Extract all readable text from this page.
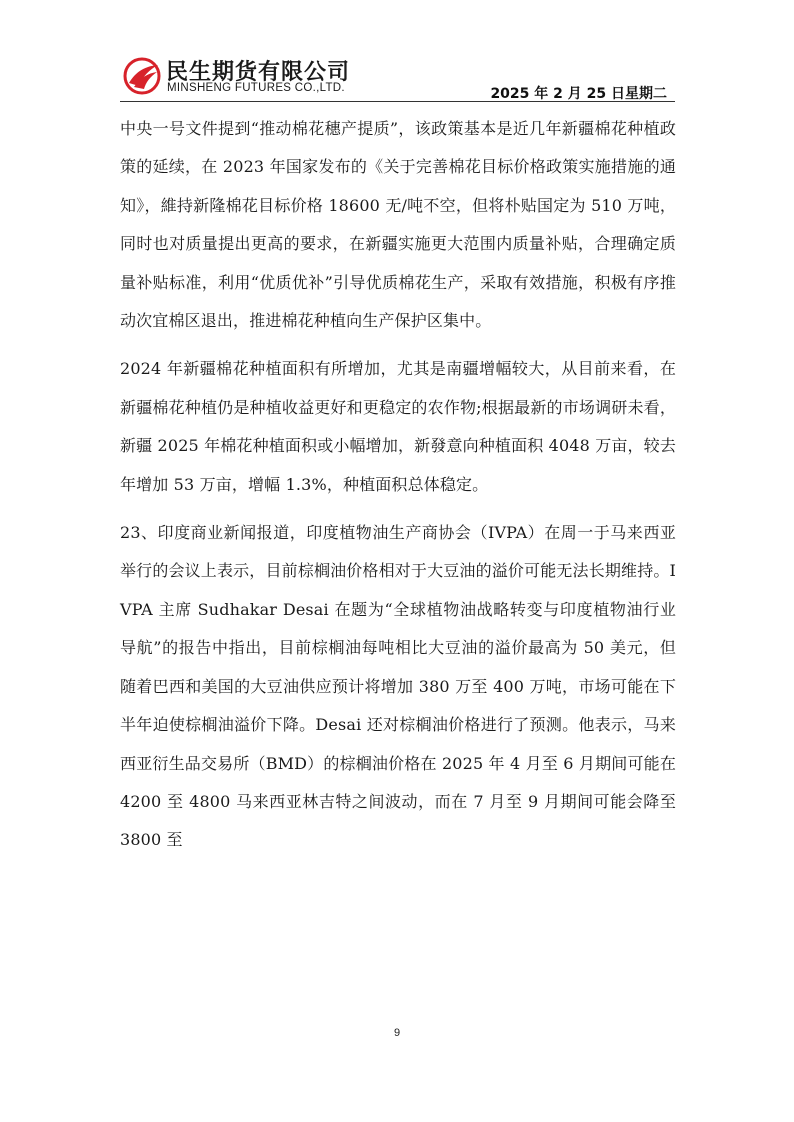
民生期货有限公司
MINSHENG FUTURES CO.,LTD.	2025 年 2 月 25 日星期二

中央一号文件提到“推动棉花穗产提质”，该政策基本是近几年新疆棉花种植政策的延续，在 2023 年国家发布的《关于完善棉花目标价格政策实施措施的通知》，維持新隆棉花目标价格 18600 无/吨不空，但将朴贴国定为 510 万吨，同时也对质量提出更高的要求，在新疆实施更大范围内质量补贴，合理确定质量补贴标准，利用“优质优补”引导优质棉花生产，采取有效措施，积极有序推动次宜棉区退出，推进棉花种植向生产保护区集中。

2024 年新疆棉花种植面积有所增加，尤其是南疆增幅较大，从目前来看，在新疆棉花种植仍是种植收益更好和更稳定的农作物;根据最新的市场调研未看，新疆 2025 年棉花种植面积或小幅增加，新發意向种植面积 4048 万亩，较去年增加 53 万亩，增幅 1.3%，种植面积总体稳定。

23、印度商业新闻报道，印度植物油生产商协会（IVPA）在周一于马来西亚举行的会议上表示，目前棕榈油价格相对于大豆油的溢价可能无法长期维持。IVPA 主席 Sudhakar Desai 在题为“全球植物油战略转变与印度植物油行业导航”的报告中指出，目前棕榈油每吨相比大豆油的溢价最高为 50 美元，但随着巴西和美国的大豆油供应预计将增加 380 万至 400 万吨，市场可能在下半年迫使棕榈油溢价下降。Desai 还对棕榈油价格进行了预测。他表示，马来西亚衍生品交易所（BMD）的棕榈油价格在 2025 年 4 月至 6 月期间可能在 4200 至 4800 马来西亚林吉特之间波动，而在 7 月至 9 月期间可能会降至 3800 至

9
